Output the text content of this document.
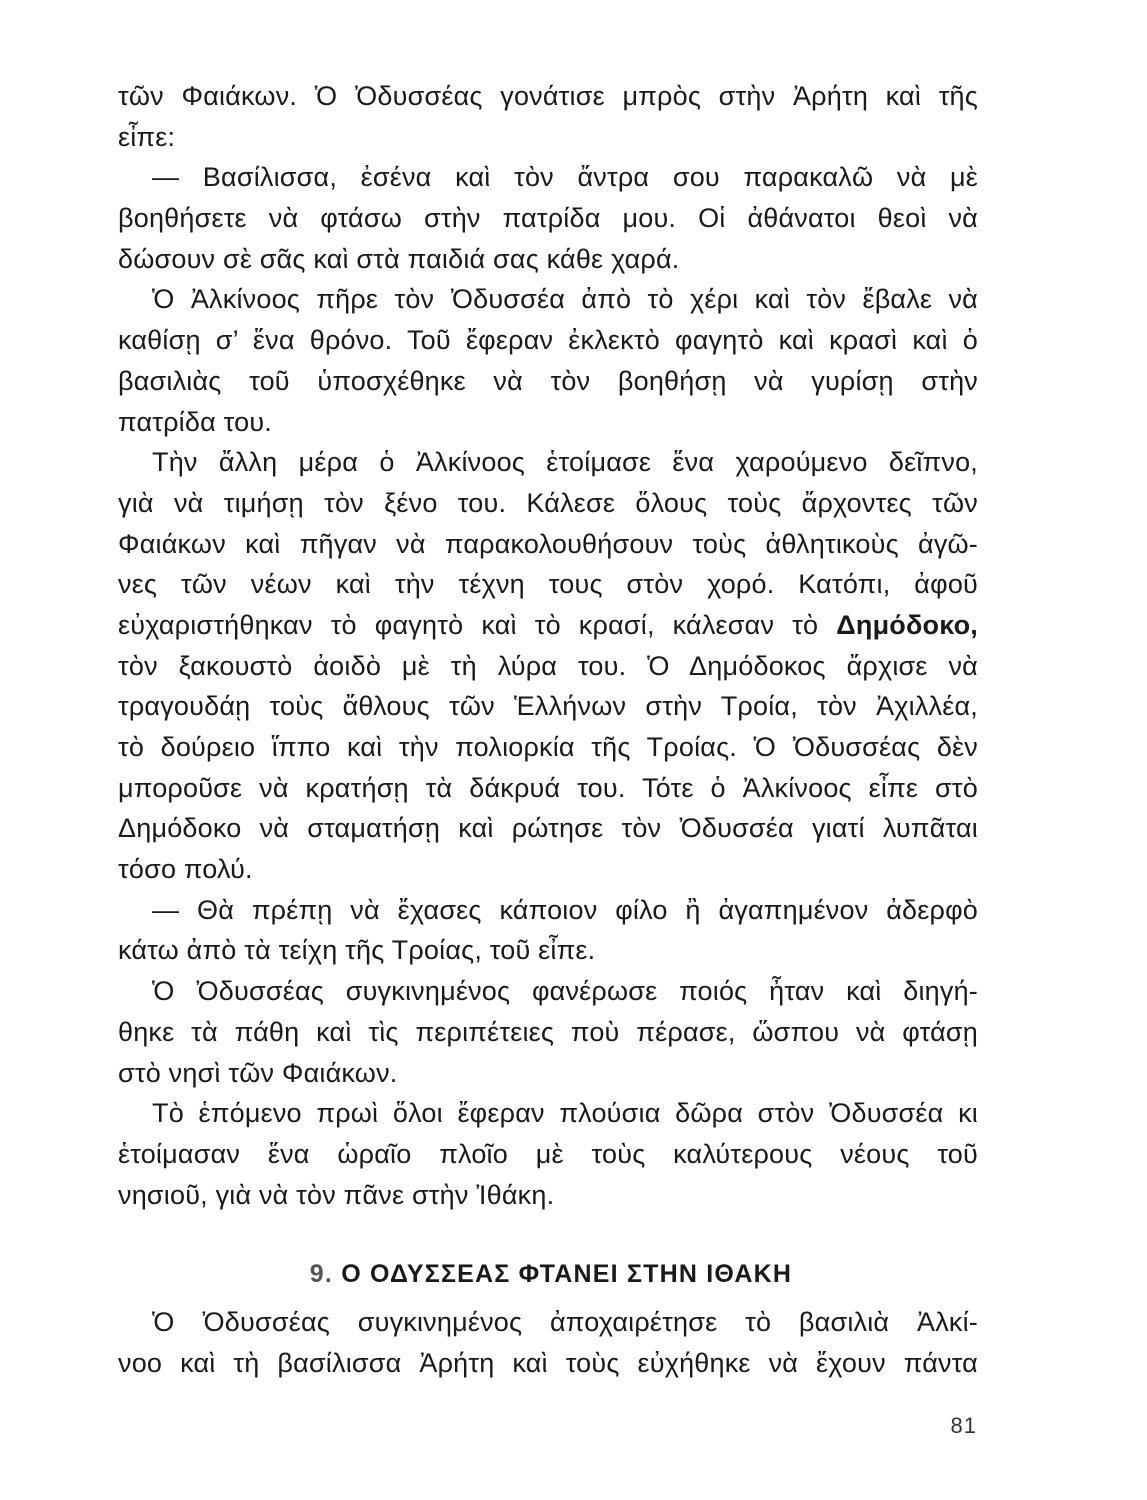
τῶν Φαιάκων. Ὁ Ὀδυσσέας γονάτισε μπρὸς στὴν Ἀρήτη καὶ τῆς
εἶπε:
— Βασίλισσα, ἐσένα καὶ τὸν ἄντρα σου παρακαλῶ νὰ μὲ
βοηθήσετε νὰ φτάσω στὴν πατρίδα μου. Οἱ ἀθάνατοι θεοὶ νὰ
δώσουν σὲ σᾶς καὶ στὰ παιδιά σας κάθε χαρά.
Ὁ Ἀλκίνοος πῆρε τὸν Ὀδυσσέα ἀπὸ τὸ χέρι καὶ τὸν ἔβαλε νὰ
καθίσῃ σ’ ἕνα θρόνο. Τοῦ ἔφεραν ἐκλεκτὸ φαγητὸ καὶ κρασὶ καὶ ὁ
βασιλιὰς τοῦ ὑποσχέθηκε νὰ τὸν βοηθήσῃ νὰ γυρίσῃ στὴν
πατρίδα του.
Τὴν ἄλλη μέρα ὁ Ἀλκίνοος ἑτοίμασε ἕνα χαρούμενο δεῖπνο,
γιὰ νὰ τιμήσῃ τὸν ξένο του. Κάλεσε ὅλους τοὺς ἄρχοντες τῶν
Φαιάκων καὶ πῆγαν νὰ παρακολουθήσουν τοὺς ἀθλητικοὺς ἀγῶ-
νες τῶν νέων καὶ τὴν τέχνη τους στὸν χορό. Κατόπι, ἀφοῦ
εὐχαριστήθηκαν τὸ φαγητὸ καὶ τὸ κρασί, κάλεσαν τὸ Δημόδοκο,
τὸν ξακουστὸ ἀοιδὸ μὲ τὴ λύρα του. Ὁ Δημόδοκος ἄρχισε νὰ
τραγουδάῃ τοὺς ἄθλους τῶν Ἑλλήνων στὴν Τροία, τὸν Ἀχιλλέα,
τὸ δούρειο ἵππο καὶ τὴν πολιορκία τῆς Τροίας. Ὁ Ὀδυσσέας δὲν
μποροῦσε νὰ κρατήσῃ τὰ δάκρυά του. Τότε ὁ Ἀλκίνοος εἶπε στὸ
Δημόδοκο νὰ σταματήσῃ καὶ ρώτησε τὸν Ὀδυσσέα γιατί λυπᾶται
τόσο πολύ.
— Θὰ πρέπῃ νὰ ἔχασες κάποιον φίλο ἢ ἀγαπημένον ἀδερφὸ
κάτω ἀπὸ τὰ τείχη τῆς Τροίας, τοῦ εἶπε.
Ὁ Ὀδυσσέας συγκινημένος φανέρωσε ποιός ἦταν καὶ διηγή-
θηκε τὰ πάθη καὶ τὶς περιπέτειες ποὺ πέρασε, ὥσπου νὰ φτάσῃ
στὸ νησὶ τῶν Φαιάκων.
Τὸ ἑπόμενο πρωὶ ὅλοι ἔφεραν πλούσια δῶρα στὸν Ὀδυσσέα κι
ἑτοίμασαν ἕνα ὡραῖο πλοῖο μὲ τοὺς καλύτερους νέους τοῦ
νησιοῦ, γιὰ νὰ τὸν πᾶνε στὴν Ἰθάκη.
9. Ο ΟΔΥΣΣΕΑΣ ΦΤΑΝΕΙ ΣΤΗΝ ΙΘΑΚΗ
Ὁ Ὀδυσσέας συγκινημένος ἀποχαιρέτησε τὸ βασιλιὰ Ἀλκί-
νοο καὶ τὴ βασίλισσα Ἀρήτη καὶ τοὺς εὐχήθηκε νὰ ἔχουν πάντα
81
